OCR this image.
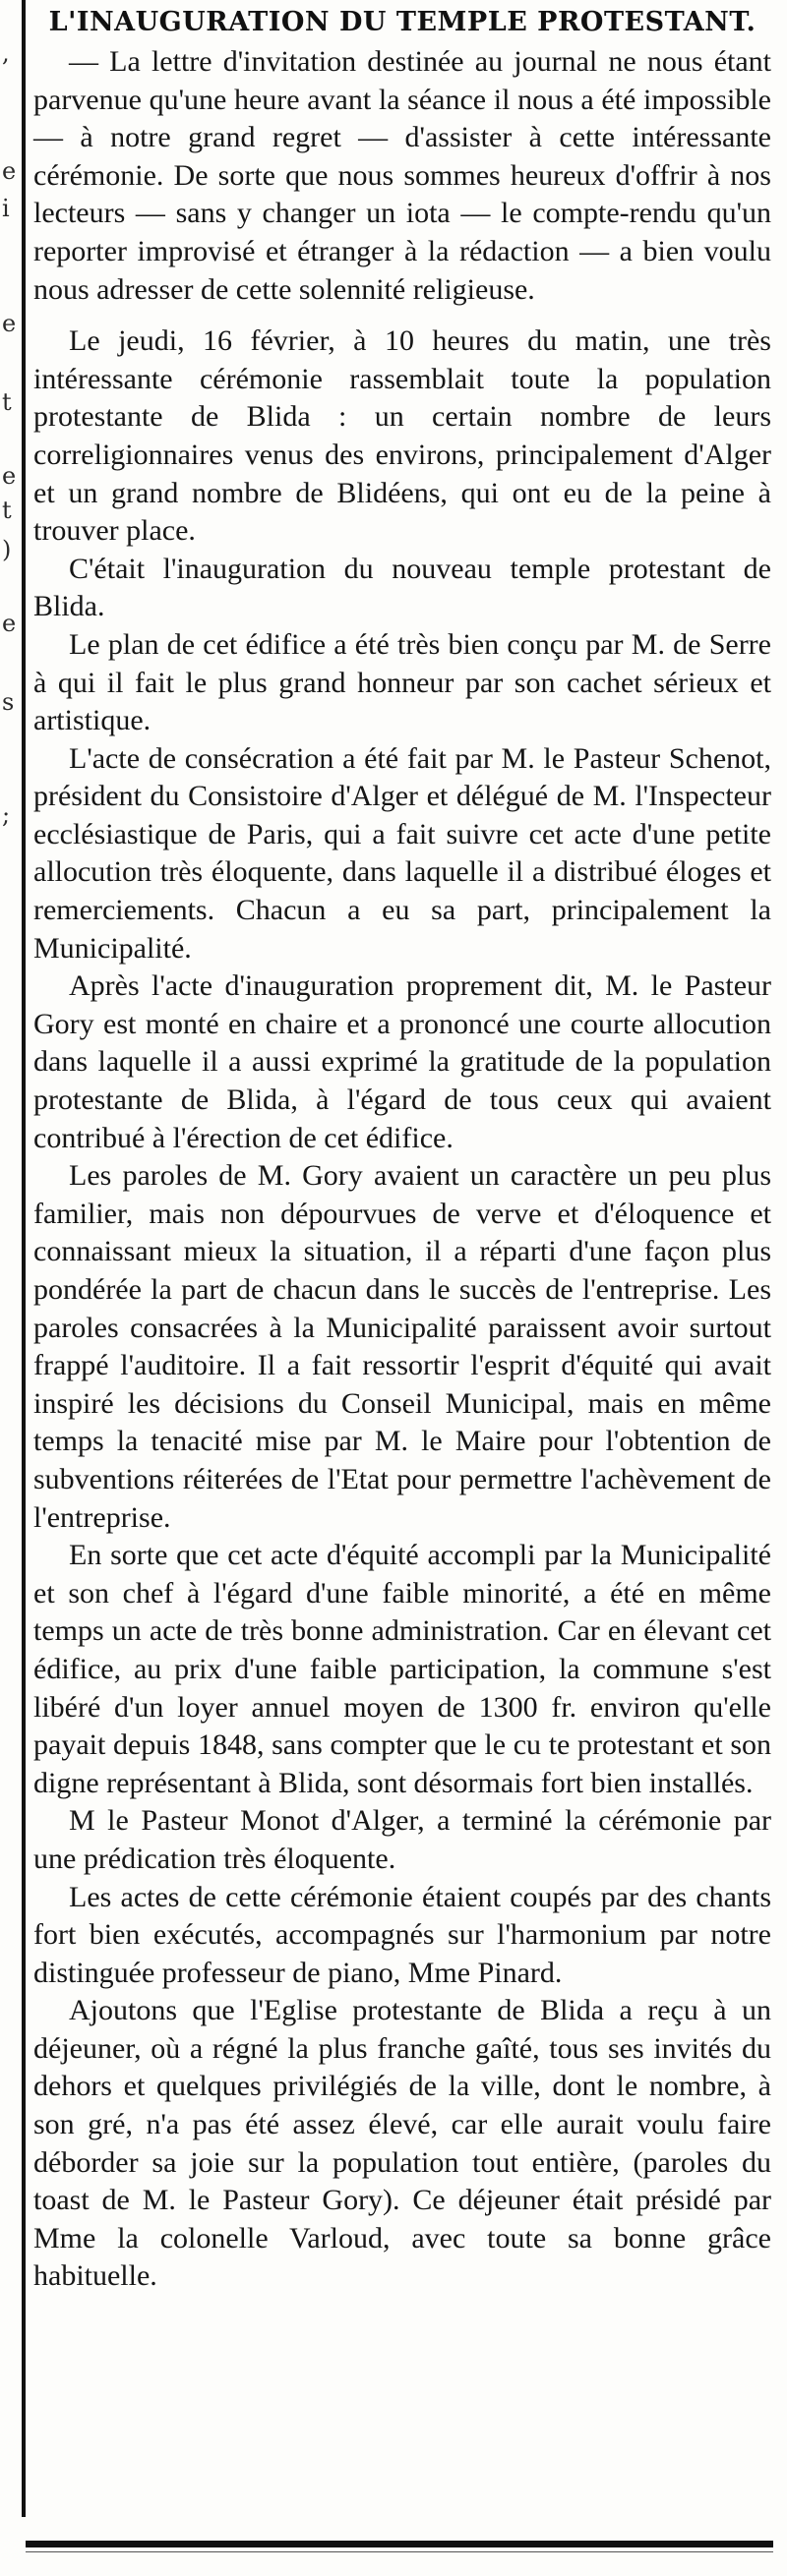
,
e
i
e
t
e
t
)
e
s
;
L'INAUGURATION DU TEMPLE PROTESTANT.

— La lettre d'invitation destinée au journal ne nous étant parvenue qu'une heure avant la séance il nous a été impossible — à notre grand regret — d'assister à cette intéressante cérémonie. De sorte que nous sommes heureux d'offrir à nos lecteurs — sans y changer un iota — le compte-rendu qu'un reporter improvisé et étranger à la rédaction — a bien voulu nous adresser de cette solennité religieuse.

Le jeudi, 16 février, à 10 heures du matin, une très intéressante cérémonie rassemblait toute la population protestante de Blida : un certain nombre de leurs correligionnaires venus des environs, principalement d'Alger et un grand nombre de Blidéens, qui ont eu de la peine à trouver place.

C'était l'inauguration du nouveau temple protestant de Blida.

Le plan de cet édifice a été très bien conçu par M. de Serre à qui il fait le plus grand honneur par son cachet sérieux et artistique.

L'acte de consécration a été fait par M. le Pasteur Schenot, président du Consistoire d'Alger et délégué de M. l'Inspecteur ecclésiastique de Paris, qui a fait suivre cet acte d'une petite allocution très éloquente, dans laquelle il a distribué éloges et remerciements. Chacun a eu sa part, principalement la Municipalité.

Après l'acte d'inauguration proprement dit, M. le Pasteur Gory est monté en chaire et a prononcé une courte allocution dans laquelle il a aussi exprimé la gratitude de la population protestante de Blida, à l'égard de tous ceux qui avaient contribué à l'érection de cet édifice.

Les paroles de M. Gory avaient un caractère un peu plus familier, mais non dépourvues de verve et d'éloquence et connaissant mieux la situation, il a réparti d'une façon plus pondérée la part de chacun dans le succès de l'entreprise. Les paroles consacrées à la Municipalité paraissent avoir surtout frappé l'auditoire. Il a fait ressortir l'esprit d'équité qui avait inspiré les décisions du Conseil Municipal, mais en même temps la tenacité mise par M. le Maire pour l'obtention de subventions réiterées de l'Etat pour permettre l'achèvement de l'entreprise.

En sorte que cet acte d'équité accompli par la Municipalité et son chef à l'égard d'une faible minorité, a été en même temps un acte de très bonne administration. Car en élevant cet édifice, au prix d'une faible participation, la commune s'est libéré d'un loyer annuel moyen de 1300 fr. environ qu'elle payait depuis 1848, sans compter que le cu te protestant et son digne représentant à Blida, sont désormais fort bien installés.

M le Pasteur Monot d'Alger, a terminé la cérémonie par une prédication très éloquente.

Les actes de cette cérémonie étaient coupés par des chants fort bien exécutés, accompagnés sur l'harmonium par notre distinguée professeur de piano, Mme Pinard.

Ajoutons que l'Eglise protestante de Blida a reçu à un déjeuner, où a régné la plus franche gaîté, tous ses invités du dehors et quelques privilégiés de la ville, dont le nombre, à son gré, n'a pas été assez élevé, car elle aurait voulu faire déborder sa joie sur la population tout entière, (paroles du toast de M. le Pasteur Gory). Ce déjeuner était présidé par Mme la colonelle Varloud, avec toute sa bonne grâce habituelle.
